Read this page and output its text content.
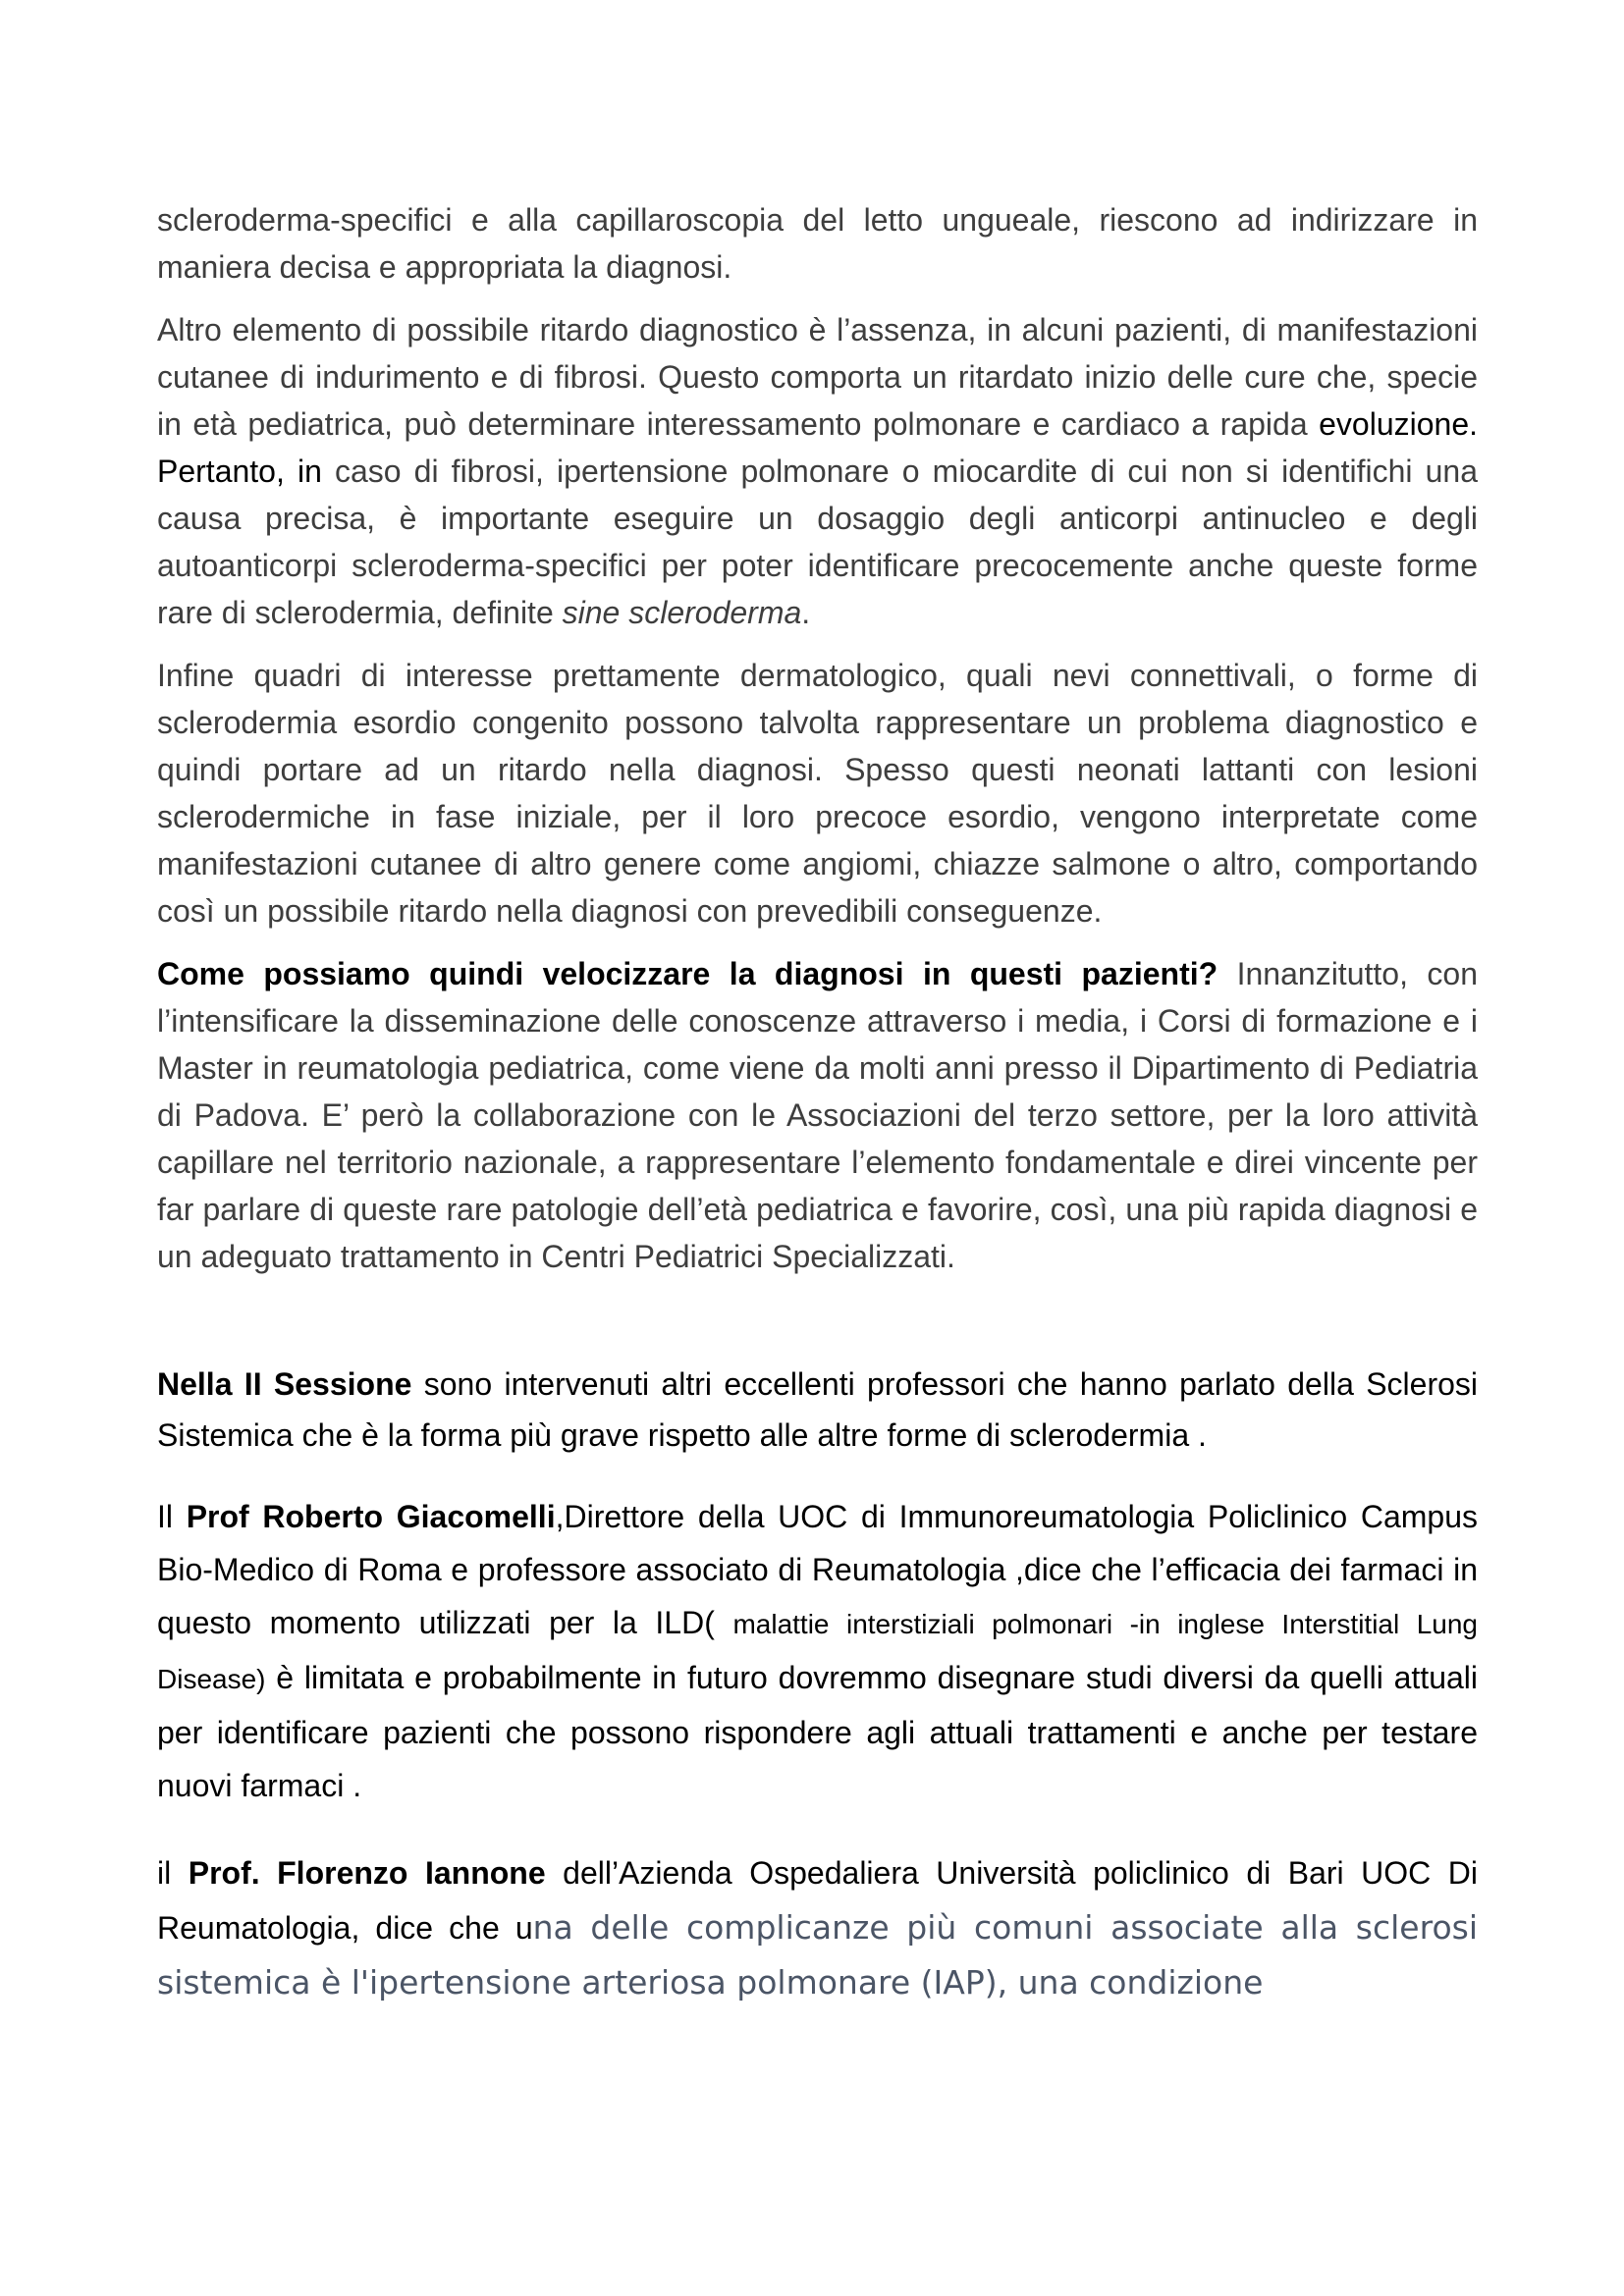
scleroderma-specifici e alla capillaroscopia del letto ungueale, riescono ad indirizzare in maniera decisa e appropriata la diagnosi.

Altro elemento di possibile ritardo diagnostico è l’assenza, in alcuni pazienti, di manifestazioni cutanee di indurimento e di fibrosi. Questo comporta un ritardato inizio delle cure che, specie in età pediatrica, può determinare interessamento polmonare e cardiaco a rapida evoluzione. Pertanto, in caso di fibrosi, ipertensione polmonare o miocardite di cui non si identifichi una causa precisa, è importante eseguire un dosaggio degli anticorpi antinucleo e degli autoanticorpi scleroderma-specifici per poter identificare precocemente anche queste forme rare di sclerodermia, definite sine scleroderma.

Infine quadri di interesse prettamente dermatologico, quali nevi connettivali, o forme di sclerodermia esordio congenito possono talvolta rappresentare un problema diagnostico e quindi portare ad un ritardo nella diagnosi. Spesso questi neonati lattanti con lesioni sclerodermiche in fase iniziale, per il loro precoce esordio, vengono interpretate come manifestazioni cutanee di altro genere come angiomi, chiazze salmone o altro, comportando così un possibile ritardo nella diagnosi con prevedibili conseguenze.

Come possiamo quindi velocizzare la diagnosi in questi pazienti? Innanzitutto, con l’intensificare la disseminazione delle conoscenze attraverso i media, i Corsi di formazione e i Master in reumatologia pediatrica, come viene da molti anni presso il Dipartimento di Pediatria di Padova. E’ però la collaborazione con le Associazioni del terzo settore, per la loro attività capillare nel territorio nazionale, a rappresentare l’elemento fondamentale e direi vincente per far parlare di queste rare patologie dell’età pediatrica e favorire, così, una più rapida diagnosi e un adeguato trattamento in Centri Pediatrici Specializzati.

Nella II Sessione sono intervenuti altri eccellenti professori che hanno parlato della Sclerosi Sistemica che è la forma più grave rispetto alle altre forme di sclerodermia .

Il Prof Roberto Giacomelli,Direttore della UOC di Immunoreumatologia Policlinico Campus Bio-Medico di Roma e professore associato di Reumatologia ,dice che l’efficacia dei farmaci in questo momento utilizzati per la ILD( malattie interstiziali polmonari -in inglese Interstitial Lung Disease) è limitata e probabilmente in futuro dovremmo disegnare studi diversi da quelli attuali per identificare pazienti che possono rispondere agli attuali trattamenti e anche per testare nuovi farmaci .

il Prof. Florenzo Iannone dell’Azienda Ospedaliera Università policlinico di Bari UOC Di Reumatologia, dice che una delle complicanze più comuni associate alla sclerosi sistemica è l'ipertensione arteriosa polmonare (IAP), una condizione
